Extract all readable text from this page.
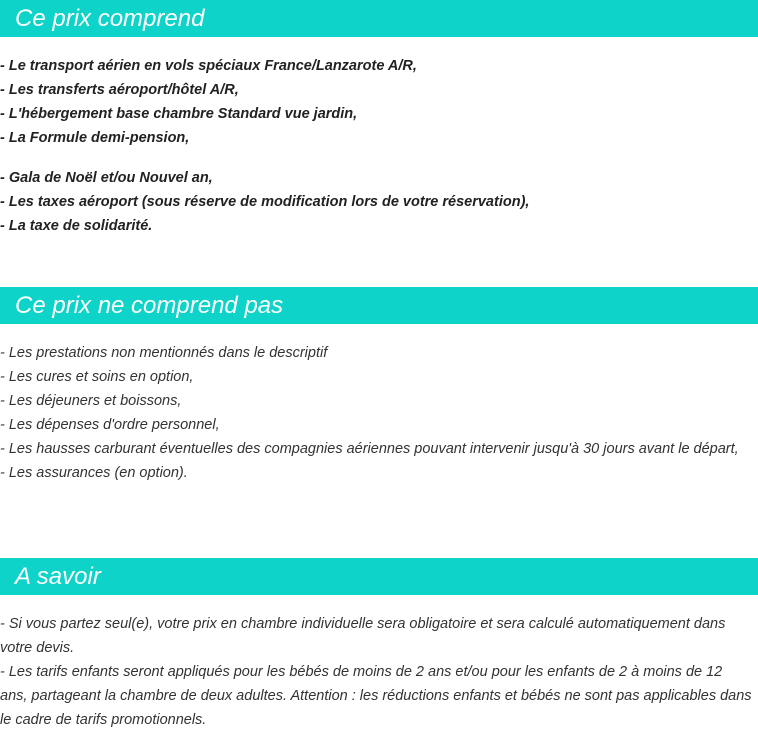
Ce prix comprend
- Le transport aérien en vols spéciaux France/Lanzarote A/R,
- Les transferts aéroport/hôtel A/R,
- L'hébergement base chambre Standard vue jardin,
- La Formule demi-pension,
- Gala de Noël et/ou Nouvel an,
- Les taxes aéroport (sous réserve de modification lors de votre réservation),
- La taxe de solidarité.
Ce prix ne comprend pas
- Les prestations non mentionnés dans le descriptif
- Les cures et soins en option,
- Les déjeuners et boissons,
- Les dépenses d'ordre personnel,
- Les hausses carburant éventuelles des compagnies aériennes pouvant intervenir jusqu'à 30 jours avant le départ,
- Les assurances (en option).
A savoir
- Si vous partez seul(e), votre prix en chambre individuelle sera obligatoire et sera calculé automatiquement dans votre devis.
- Les tarifs enfants seront appliqués pour les bébés de moins de 2 ans et/ou pour les enfants de 2 à moins de 12 ans, partageant la chambre de deux adultes. Attention : les réductions enfants et bébés ne sont pas applicables dans le cadre de tarifs promotionnels.
